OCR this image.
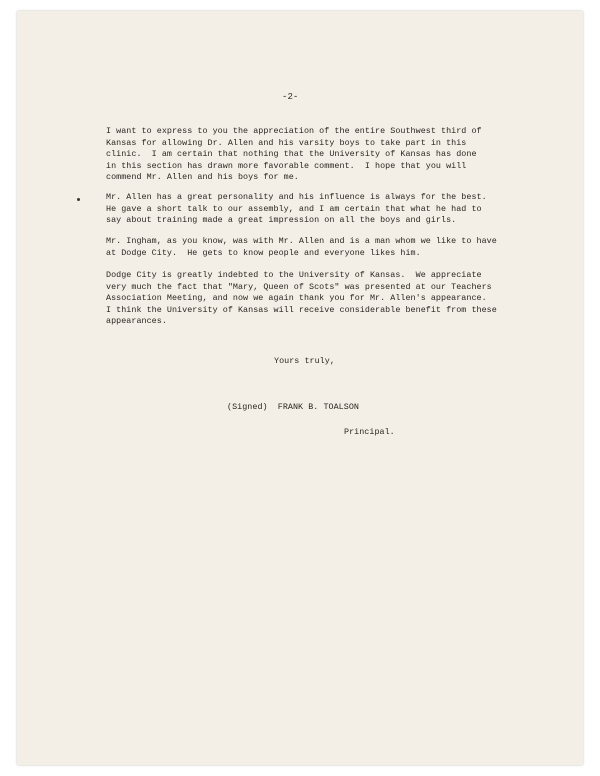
-2-
I want to express to you the appreciation of the entire Southwest third of
Kansas for allowing Dr. Allen and his varsity boys to take part in this
clinic.  I am certain that nothing that the University of Kansas has done
in this section has drawn more favorable comment.  I hope that you will
commend Mr. Allen and his boys for me.
Mr. Allen has a great personality and his influence is always for the best.
He gave a short talk to our assembly, and I am certain that what he had to
say about training made a great impression on all the boys and girls.
Mr. Ingham, as you know, was with Mr. Allen and is a man whom we like to have
at Dodge City.  He gets to know people and everyone likes him.
Dodge City is greatly indebted to the University of Kansas.  We appreciate
very much the fact that "Mary, Queen of Scots" was presented at our Teachers
Association Meeting, and now we again thank you for Mr. Allen's appearance.
I think the University of Kansas will receive considerable benefit from these
appearances.
Yours truly,
(Signed)  FRANK B. TOALSON
Principal.
